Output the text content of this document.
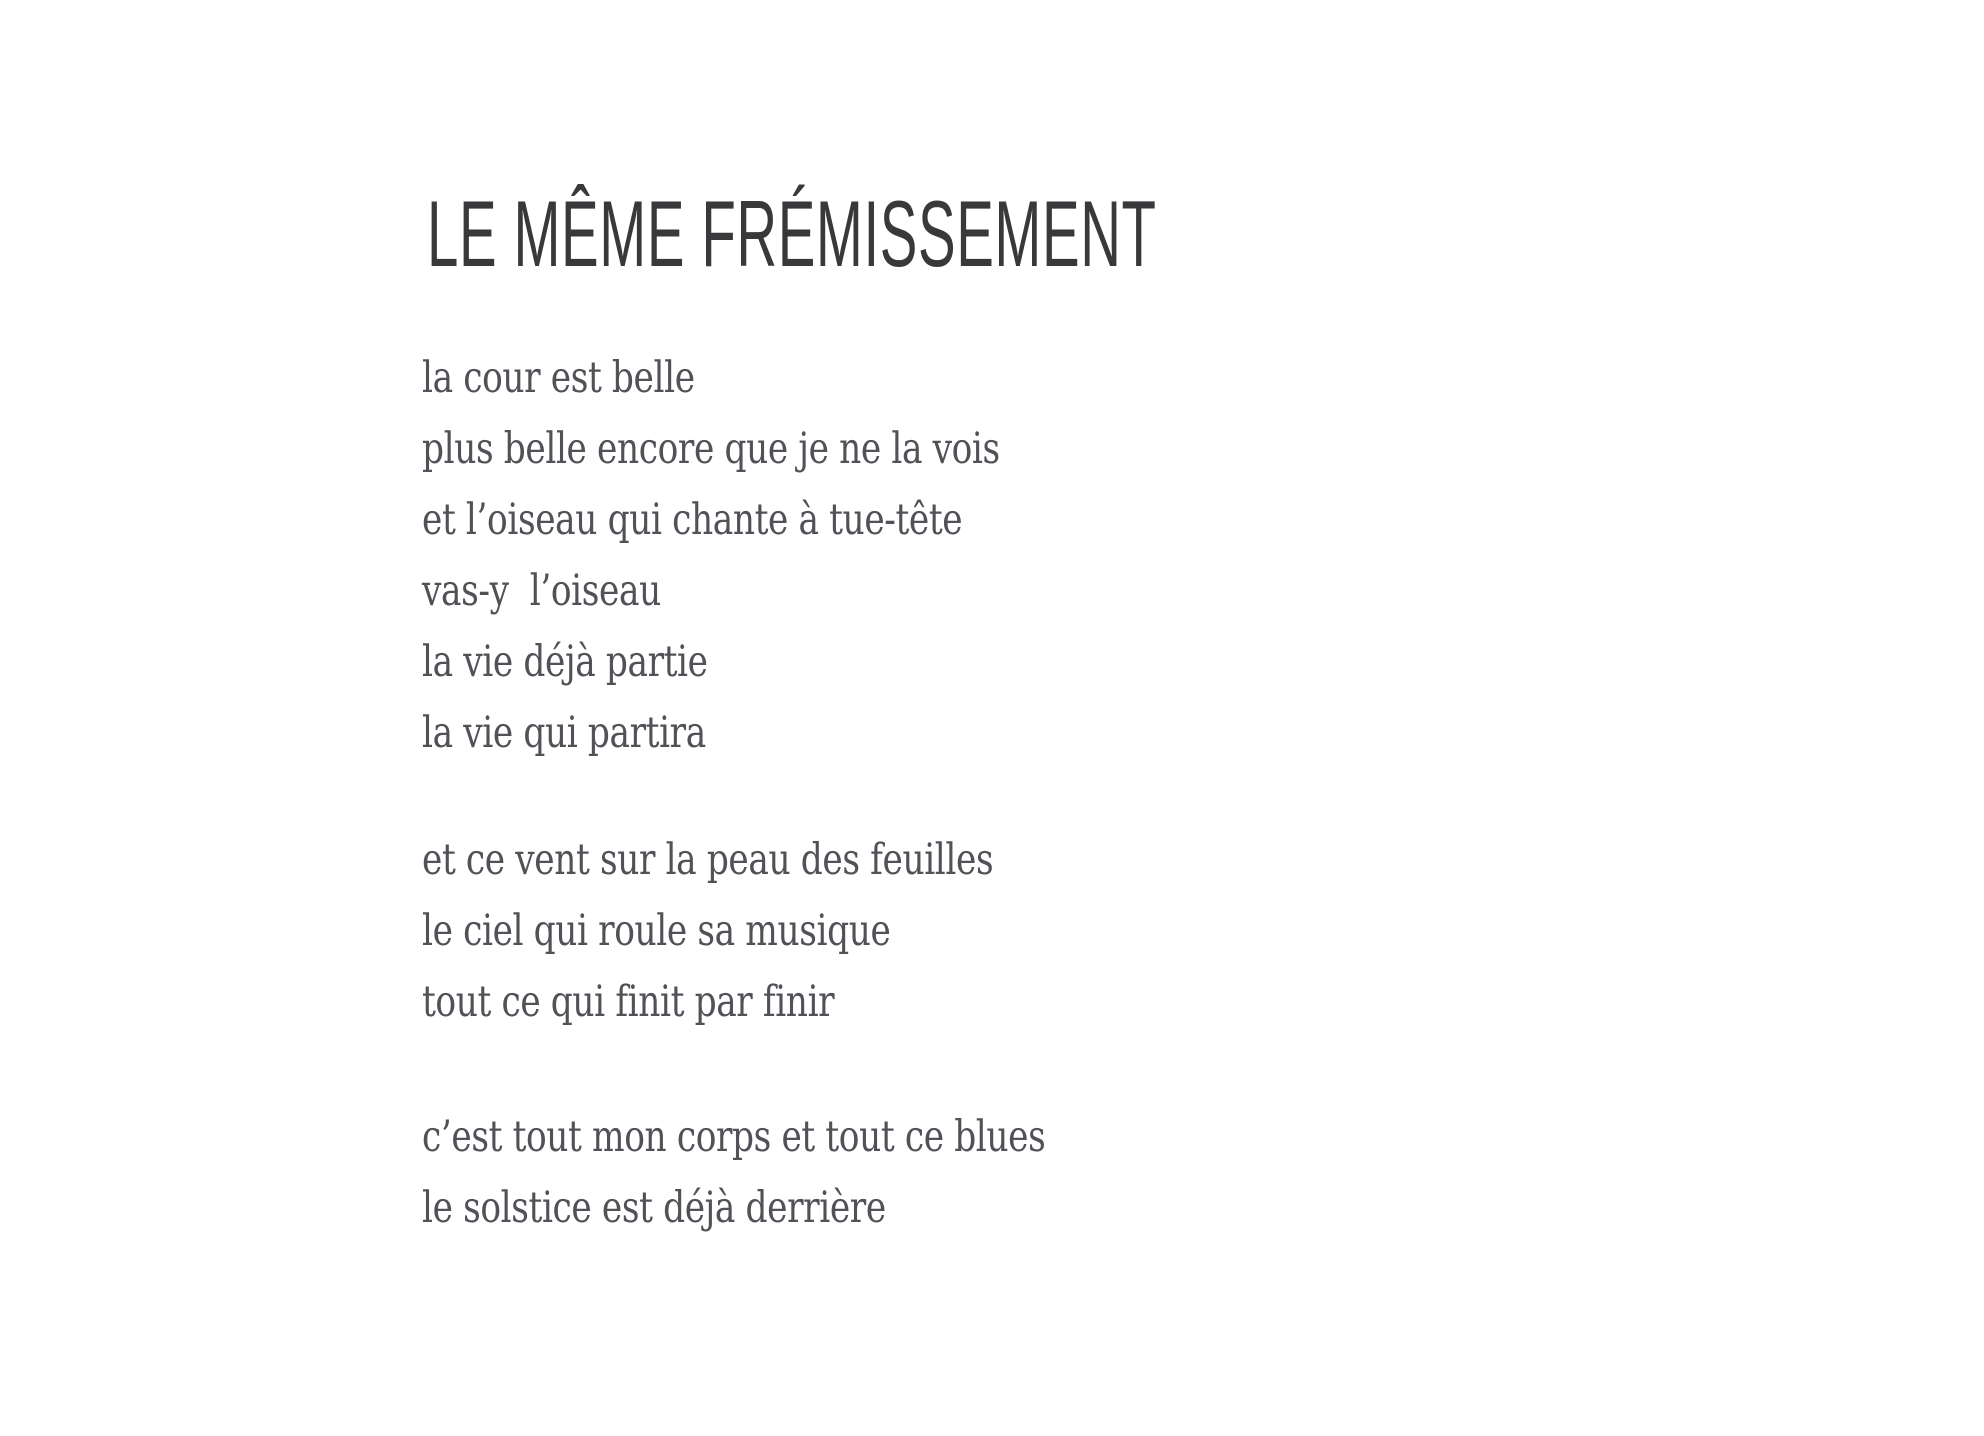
LE MÊME FRÉMISSEMENT
la cour est belle
plus belle encore que je ne la vois
et l’oiseau qui chante à tue-tête
vas-y  l’oiseau
la vie déjà partie
la vie qui partira
et ce vent sur la peau des feuilles
le ciel qui roule sa musique
tout ce qui finit par finir
c’est tout mon corps et tout ce blues
le solstice est déjà derrière
